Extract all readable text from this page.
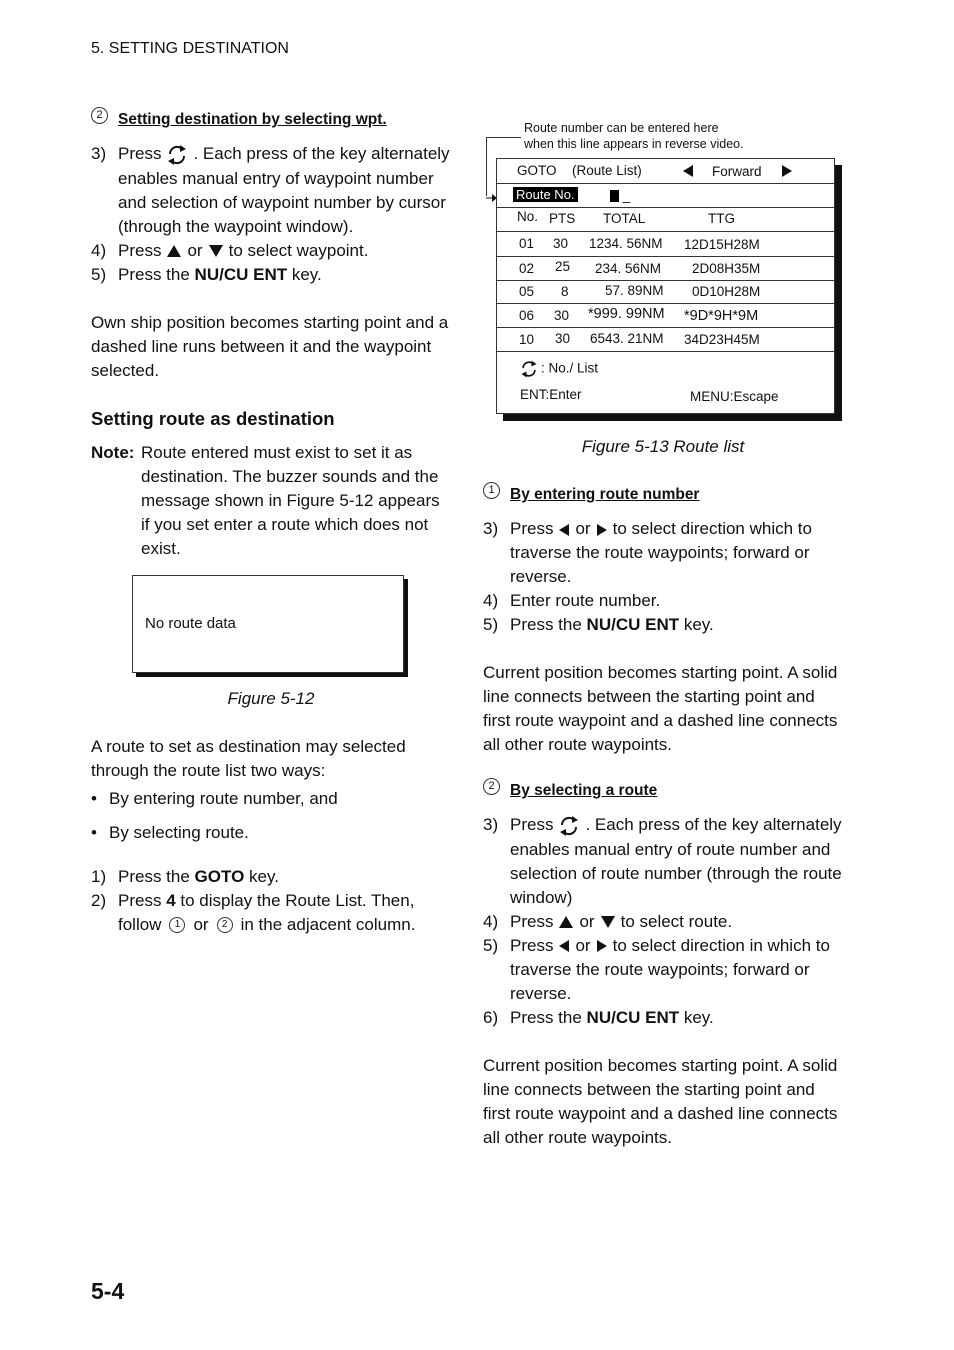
5. SETTING DESTINATION
2 Setting destination by selecting wpt.
3) Press . Each press of the key alternately enables manual entry of waypoint number and selection of waypoint number by cursor (through the waypoint window).
4) Press or to select waypoint.
5) Press the NU/CU ENT key.

Own ship position becomes starting point and a dashed line runs between it and the waypoint selected.

Setting route as destination
Note: Route entered must exist to set it as destination. The buzzer sounds and the message shown in Figure 5-12 appears if you set enter a route which does not exist.
No route data
Figure 5-12

A route to set as destination may selected through the route list two ways:

• By entering route number, and
• By selecting route.
1) Press the GOTO key.
2) Press 4 to display the Route List. Then, follow 1 or 2 in the adjacent column.
Route number can be entered here
when this line appears in reverse video.
GOTO (Route List)	Forward
Route No.	_
No. PTS TOTAL	TTG
01 30 1234. 56NM 12D15H28M
02 25 234. 56NM 2D08H35M
05 8	57. 89NM 0D10H28M
06 30 *999. 99NM *9D*9H*9M
10 30 6543. 21NM 34D23H45M
: No./ List
ENT:Enter	MENU:Escape
Figure 5-13 Route list
1 By entering route number
3) Press or to select direction which to traverse the route waypoints; forward or reverse.
4) Enter route number.
5) Press the NU/CU ENT key.

Current position becomes starting point. A solid line connects between the starting point and first route waypoint and a dashed line connects all other route waypoints.

2 By selecting a route
3) Press . Each press of the key alternately enables manual entry of route number and selection of route number (through the route window)
4) Press or to select route.
5) Press or to select direction in which to traverse the route waypoints; forward or reverse.
6) Press the NU/CU ENT key.

Current position becomes starting point. A solid line connects between the starting point and first route waypoint and a dashed line connects all other route waypoints.

5-4
